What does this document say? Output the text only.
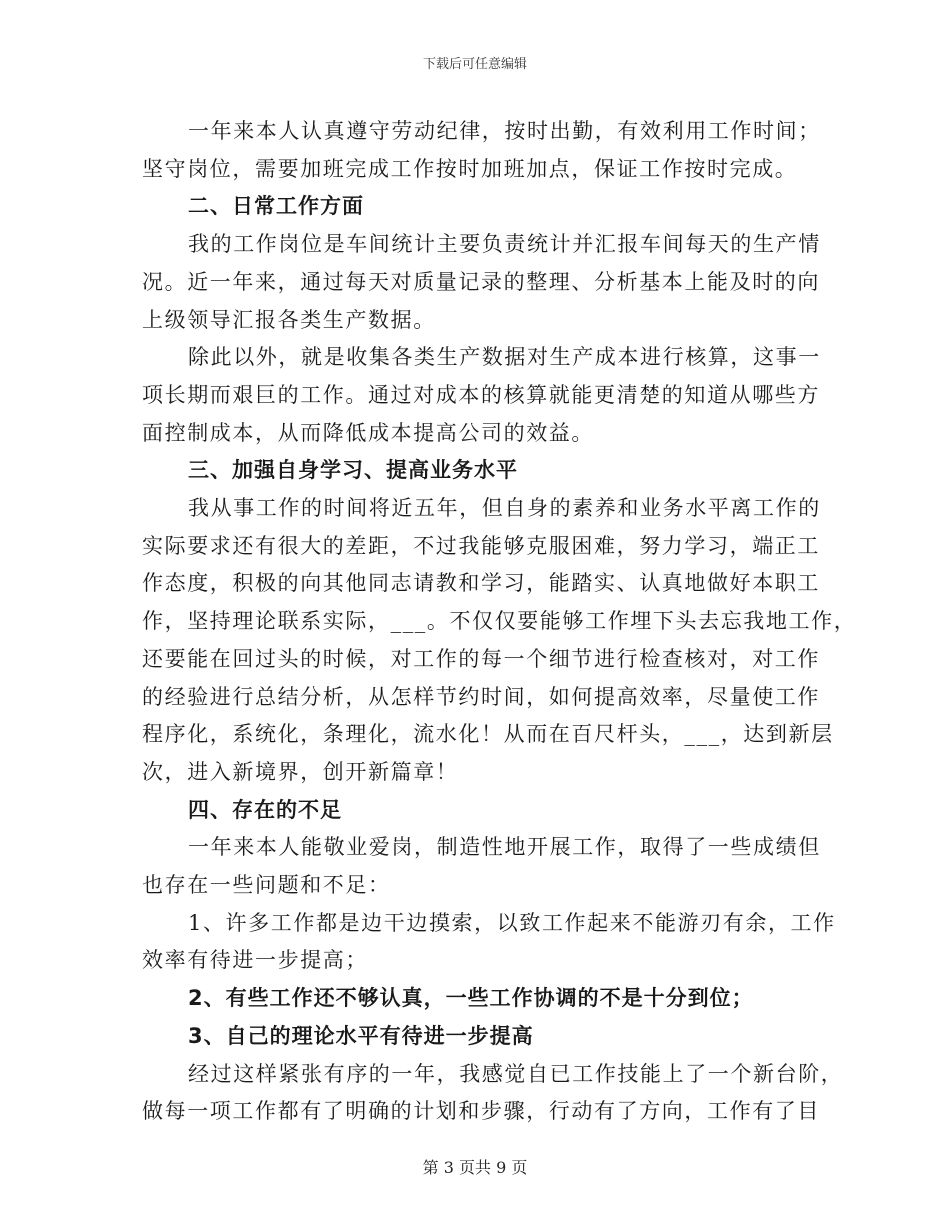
下载后可任意编辑
一年来本人认真遵守劳动纪律，按时出勤，有效利用工作时间；
坚守岗位，需要加班完成工作按时加班加点，保证工作按时完成。
二、日常工作方面
我的工作岗位是车间统计主要负责统计并汇报车间每天的生产情
况。近一年来，通过每天对质量记录的整理、分析基本上能及时的向
上级领导汇报各类生产数据。
除此以外，就是收集各类生产数据对生产成本进行核算，这事一
项长期而艰巨的工作。通过对成本的核算就能更清楚的知道从哪些方
面控制成本，从而降低成本提高公司的效益。
三、加强自身学习、提高业务水平
我从事工作的时间将近五年，但自身的素养和业务水平离工作的
实际要求还有很大的差距，不过我能够克服困难，努力学习，端正工
作态度，积极的向其他同志请教和学习，能踏实、认真地做好本职工
作，坚持理论联系实际，___。不仅仅要能够工作埋下头去忘我地工作，
还要能在回过头的时候，对工作的每一个细节进行检查核对，对工作
的经验进行总结分析，从怎样节约时间，如何提高效率，尽量使工作
程序化，系统化，条理化，流水化！从而在百尺杆头，___，达到新层
次，进入新境界，创开新篇章！
四、存在的不足
一年来本人能敬业爱岗，制造性地开展工作，取得了一些成绩但
也存在一些问题和不足：
1、许多工作都是边干边摸索，以致工作起来不能游刃有余，工作
效率有待进一步提高；
2、有些工作还不够认真，一些工作协调的不是十分到位；
3、自己的理论水平有待进一步提高
经过这样紧张有序的一年，我感觉自已工作技能上了一个新台阶，
做每一项工作都有了明确的计划和步骤，行动有了方向，工作有了目
第 3 页共 9 页
